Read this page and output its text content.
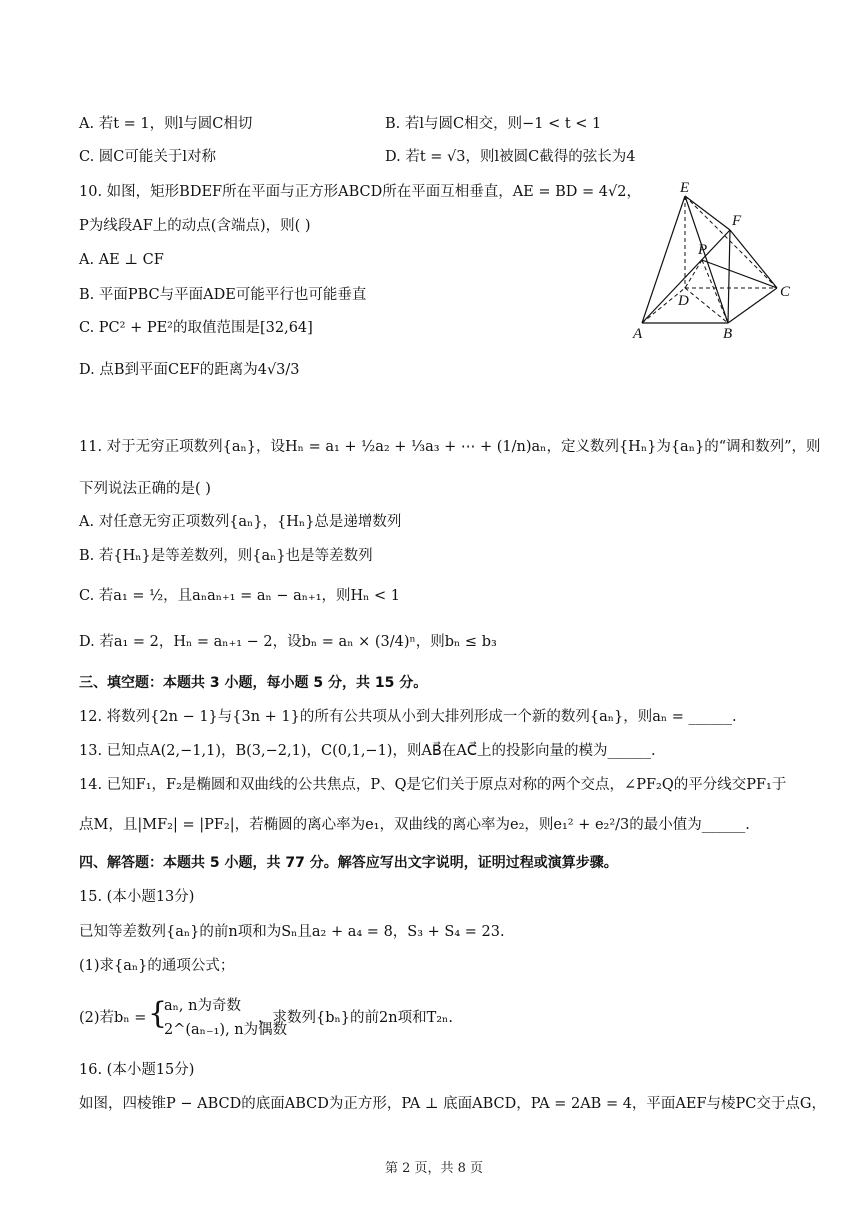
A. 若t = 1，则l与圆C相切	B. 若l与圆C相交，则−1 < t < 1
C. 圆C可能关于l对称	D. 若t = √3，则l被圆C截得的弦长为4
10. 如图，矩形BDEF所在平面与正方形ABCD所在平面互相垂直，AE = BD = 4√2，
P为线段AF上的动点(含端点)，则( )
A. AE ⊥ CF
B. 平面PBC与平面ADE可能平行也可能垂直
C. PC² + PE²的取值范围是[32,64]
D. 点B到平面CEF的距离为4√3/3
E
F
P
D
C
A	B
11. 对于无穷正项数列{aₙ}，设Hₙ = a₁ + ½a₂ + ⅓a₃ + ⋯ + (1/n)aₙ，定义数列{Hₙ}为{aₙ}的“调和数列”，则
下列说法正确的是( )
A. 对任意无穷正项数列{aₙ}，{Hₙ}总是递增数列
B. 若{Hₙ}是等差数列，则{aₙ}也是等差数列
C. 若a₁ = ½，且aₙaₙ₊₁ = aₙ − aₙ₊₁，则Hₙ < 1
D. 若a₁ = 2，Hₙ = aₙ₊₁ − 2，设bₙ = aₙ × (3/4)ⁿ，则bₙ ≤ b₃
三、填空题：本题共 3 小题，每小题 5 分，共 15 分。
12. 将数列{2n − 1}与{3n + 1}的所有公共项从小到大排列形成一个新的数列{aₙ}，则aₙ = ______.
13. 已知点A(2,−1,1)，B(3,−2,1)，C(0,1,−1)，则AB⃗在AC⃗上的投影向量的模为______.
14. 已知F₁，F₂是椭圆和双曲线的公共焦点，P、Q是它们关于原点对称的两个交点，∠PF₂Q的平分线交PF₁于
点M，且|MF₂| = |PF₂|，若椭圆的离心率为e₁，双曲线的离心率为e₂，则e₁² + e₂²/3的最小值为______.
四、解答题：本题共 5 小题，共 77 分。解答应写出文字说明，证明过程或演算步骤。
15. (本小题13分)
已知等差数列{aₙ}的前n项和为Sₙ且a₂ + a₄ = 8，S₃ + S₄ = 23.
(1)求{aₙ}的通项公式；
(2)若bₙ = {
aₙ, n为奇数
2^(aₙ₋₁), n为偶数
，求数列{bₙ}的前2n项和T₂ₙ.
16. (本小题15分)
如图，四棱锥P − ABCD的底面ABCD为正方形，PA ⊥ 底面ABCD，PA = 2AB = 4，平面AEF与棱PC交于点G，
第 2 页，共 8 页
